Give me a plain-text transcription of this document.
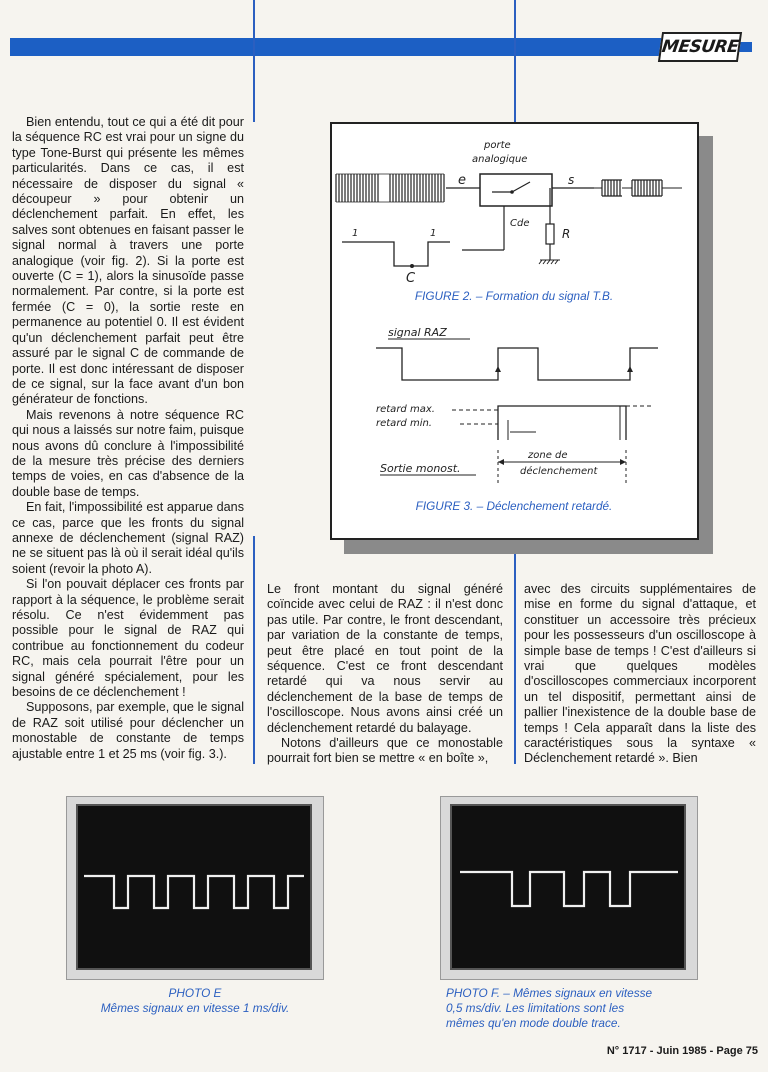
MESURE

Bien entendu, tout ce qui a été dit pour la séquence RC est vrai pour un signe du type Tone-Burst qui présente les mêmes particularités. Dans ce cas, il est nécessaire de disposer du signal « découpeur » pour obtenir un déclenchement parfait. En effet, les salves sont obtenues en faisant passer le signal normal à travers une porte analogique (voir fig. 2). Si la porte est ouverte (C = 1), alors la sinusoïde passe normalement. Par contre, si la porte est fermée (C = 0), la sortie reste en permanence au potentiel 0. Il est évident qu'un déclenchement parfait peut être assuré par le signal C de commande de porte. Il est donc intéressant de disposer de ce signal, sur la face avant d'un bon générateur de fonctions.

Mais revenons à notre séquence RC qui nous a laissés sur notre faim, puisque nous avons dû conclure à l'impossibilité de la mesure très précise des derniers temps de voies, en cas d'absence de la double base de temps.

En fait, l'impossibilité est apparue dans ce cas, parce que les fronts du signal annexe de déclenchement (signal RAZ) ne se situent pas là où il serait idéal qu'ils soient (revoir la photo A).

Si l'on pouvait déplacer ces fronts par rapport à la séquence, le problème serait résolu. Ce n'est évidemment pas possible pour le signal de RAZ qui contribue au fonctionnement du codeur RC, mais cela pourrait l'être pour un signal généré spécialement, pour les besoins de ce déclenchement !

Supposons, par exemple, que le signal de RAZ soit utilisé pour déclencher un monostable de constante de temps ajustable entre 1 et 25 ms (voir fig. 3.).

porte
analogique
e	s
R
Cde
1	1
C
FIGURE 2. – Formation du signal T.B.
signal RAZ
retard max.
retard min.
Sortie monost.
zone de
déclenchement
FIGURE 3. – Déclenchement retardé.

Le front montant du signal généré coïncide avec celui de RAZ : il n'est donc pas utile. Par contre, le front descendant, par variation de la constante de temps, peut être placé en tout point de la séquence. C'est ce front descendant retardé qui va nous servir au déclenchement de la base de temps de l'oscilloscope. Nous avons ainsi créé un déclenchement retardé du balayage.

Notons d'ailleurs que ce monostable pourrait fort bien se mettre « en boîte »,

avec des circuits supplémentaires de mise en forme du signal d'attaque, et constituer un accessoire très précieux pour les possesseurs d'un oscilloscope à simple base de temps ! C'est d'ailleurs si vrai que quelques modèles d'oscilloscopes commerciaux incorporent un tel dispositif, permettant ainsi de pallier l'inexistence de la double base de temps ! Cela apparaît dans la liste des caractéristiques sous la syntaxe « Déclenchement retardé ». Bien

PHOTO E
Mêmes signaux en vitesse 1 ms/div.
PHOTO F. – Mêmes signaux en vitesse
0,5 ms/div. Les limitations sont les
mêmes qu'en mode double trace.
N° 1717 - Juin 1985 - Page 75
